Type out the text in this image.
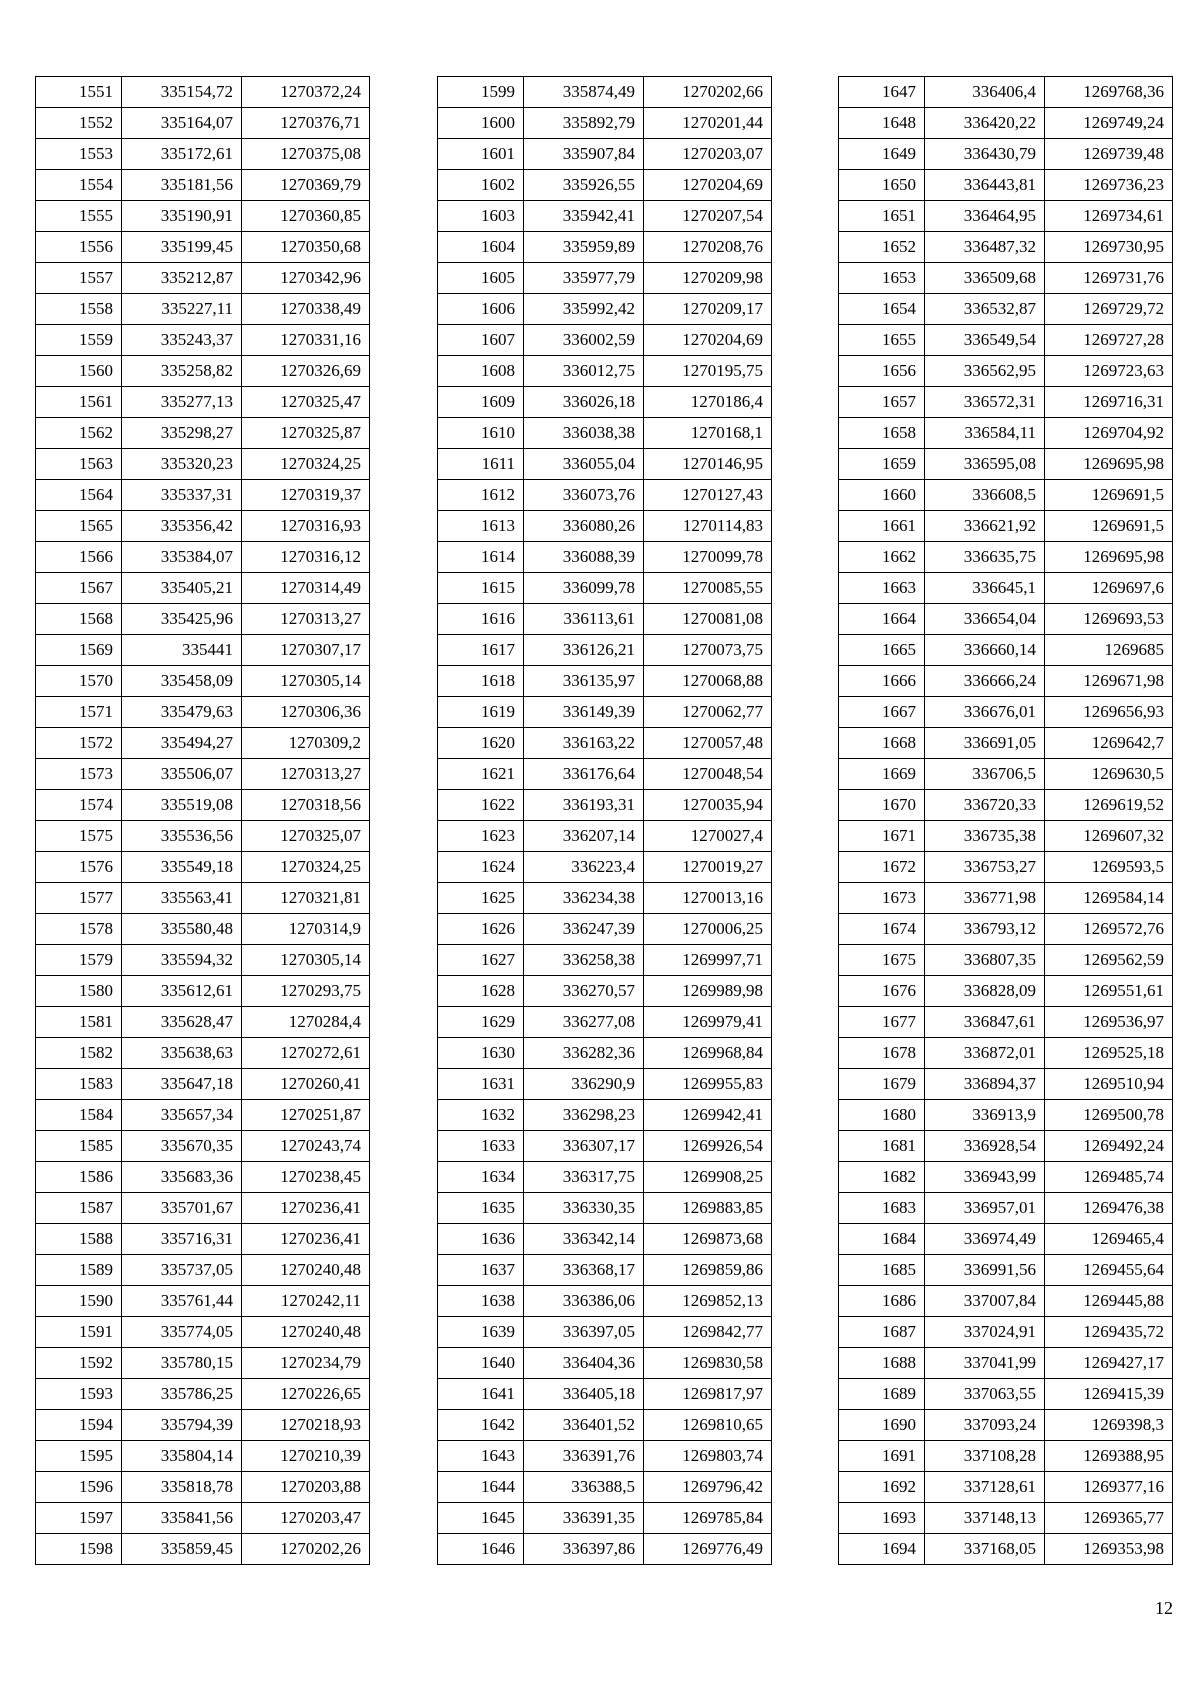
1551	335154,72	1270372,24
1552	335164,07	1270376,71
1553	335172,61	1270375,08
1554	335181,56	1270369,79
1555	335190,91	1270360,85
1556	335199,45	1270350,68
1557	335212,87	1270342,96
1558	335227,11	1270338,49
1559	335243,37	1270331,16
1560	335258,82	1270326,69
1561	335277,13	1270325,47
1562	335298,27	1270325,87
1563	335320,23	1270324,25
1564	335337,31	1270319,37
1565	335356,42	1270316,93
1566	335384,07	1270316,12
1567	335405,21	1270314,49
1568	335425,96	1270313,27
1569	335441	1270307,17
1570	335458,09	1270305,14
1571	335479,63	1270306,36
1572	335494,27	1270309,2
1573	335506,07	1270313,27
1574	335519,08	1270318,56
1575	335536,56	1270325,07
1576	335549,18	1270324,25
1577	335563,41	1270321,81
1578	335580,48	1270314,9
1579	335594,32	1270305,14
1580	335612,61	1270293,75
1581	335628,47	1270284,4
1582	335638,63	1270272,61
1583	335647,18	1270260,41
1584	335657,34	1270251,87
1585	335670,35	1270243,74
1586	335683,36	1270238,45
1587	335701,67	1270236,41
1588	335716,31	1270236,41
1589	335737,05	1270240,48
1590	335761,44	1270242,11
1591	335774,05	1270240,48
1592	335780,15	1270234,79
1593	335786,25	1270226,65
1594	335794,39	1270218,93
1595	335804,14	1270210,39
1596	335818,78	1270203,88
1597	335841,56	1270203,47
1598	335859,45	1270202,26
1599	335874,49	1270202,66
1600	335892,79	1270201,44
1601	335907,84	1270203,07
1602	335926,55	1270204,69
1603	335942,41	1270207,54
1604	335959,89	1270208,76
1605	335977,79	1270209,98
1606	335992,42	1270209,17
1607	336002,59	1270204,69
1608	336012,75	1270195,75
1609	336026,18	1270186,4
1610	336038,38	1270168,1
1611	336055,04	1270146,95
1612	336073,76	1270127,43
1613	336080,26	1270114,83
1614	336088,39	1270099,78
1615	336099,78	1270085,55
1616	336113,61	1270081,08
1617	336126,21	1270073,75
1618	336135,97	1270068,88
1619	336149,39	1270062,77
1620	336163,22	1270057,48
1621	336176,64	1270048,54
1622	336193,31	1270035,94
1623	336207,14	1270027,4
1624	336223,4	1270019,27
1625	336234,38	1270013,16
1626	336247,39	1270006,25
1627	336258,38	1269997,71
1628	336270,57	1269989,98
1629	336277,08	1269979,41
1630	336282,36	1269968,84
1631	336290,9	1269955,83
1632	336298,23	1269942,41
1633	336307,17	1269926,54
1634	336317,75	1269908,25
1635	336330,35	1269883,85
1636	336342,14	1269873,68
1637	336368,17	1269859,86
1638	336386,06	1269852,13
1639	336397,05	1269842,77
1640	336404,36	1269830,58
1641	336405,18	1269817,97
1642	336401,52	1269810,65
1643	336391,76	1269803,74
1644	336388,5	1269796,42
1645	336391,35	1269785,84
1646	336397,86	1269776,49
1647	336406,4	1269768,36
1648	336420,22	1269749,24
1649	336430,79	1269739,48
1650	336443,81	1269736,23
1651	336464,95	1269734,61
1652	336487,32	1269730,95
1653	336509,68	1269731,76
1654	336532,87	1269729,72
1655	336549,54	1269727,28
1656	336562,95	1269723,63
1657	336572,31	1269716,31
1658	336584,11	1269704,92
1659	336595,08	1269695,98
1660	336608,5	1269691,5
1661	336621,92	1269691,5
1662	336635,75	1269695,98
1663	336645,1	1269697,6
1664	336654,04	1269693,53
1665	336660,14	1269685
1666	336666,24	1269671,98
1667	336676,01	1269656,93
1668	336691,05	1269642,7
1669	336706,5	1269630,5
1670	336720,33	1269619,52
1671	336735,38	1269607,32
1672	336753,27	1269593,5
1673	336771,98	1269584,14
1674	336793,12	1269572,76
1675	336807,35	1269562,59
1676	336828,09	1269551,61
1677	336847,61	1269536,97
1678	336872,01	1269525,18
1679	336894,37	1269510,94
1680	336913,9	1269500,78
1681	336928,54	1269492,24
1682	336943,99	1269485,74
1683	336957,01	1269476,38
1684	336974,49	1269465,4
1685	336991,56	1269455,64
1686	337007,84	1269445,88
1687	337024,91	1269435,72
1688	337041,99	1269427,17
1689	337063,55	1269415,39
1690	337093,24	1269398,3
1691	337108,28	1269388,95
1692	337128,61	1269377,16
1693	337148,13	1269365,77
1694	337168,05	1269353,98
12
